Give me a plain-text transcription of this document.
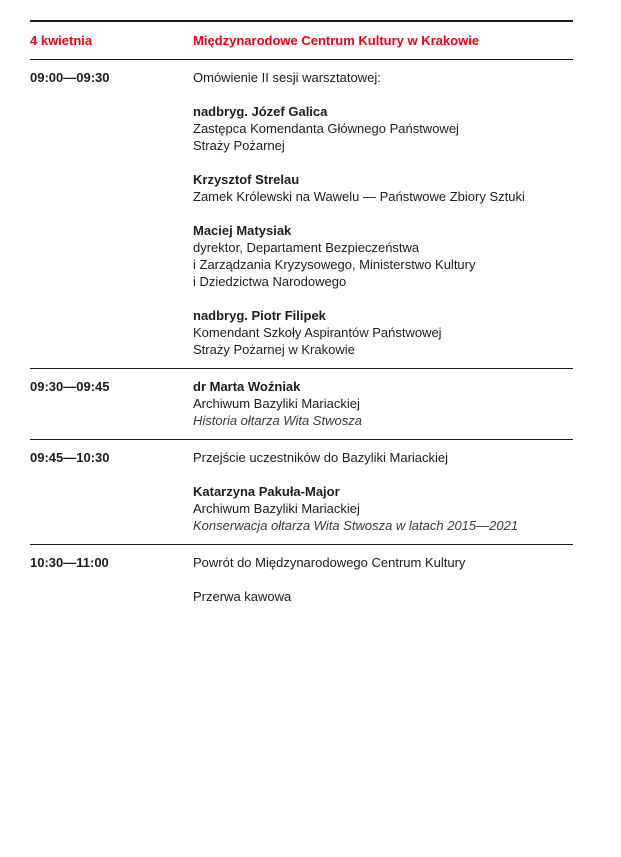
4 kwietnia	Międzynarodowe Centrum Kultury w Krakowie
09:00—09:30	Omówienie II sesji warsztatowej:
nadbryg. Józef Galica
Zastępca Komendanta Głównego Państwowej
Straży Pożarnej
Krzysztof Strelau
Zamek Królewski na Wawelu — Państwowe Zbiory Sztuki
Maciej Matysiak
dyrektor, Departament Bezpieczeństwa
i Zarządzania Kryzysowego, Ministerstwo Kultury
i Dziedzictwa Narodowego
nadbryg. Piotr Filipek
Komendant Szkoły Aspirantów Państwowej
Straży Pożarnej w Krakowie
09:30—09:45	dr Marta Woźniak
Archiwum Bazyliki Mariackiej
Historia ołtarza Wita Stwosza
09:45—10:30	Przejście uczestników do Bazyliki Mariackiej
Katarzyna Pakuła-Major
Archiwum Bazyliki Mariackiej
Konserwacja ołtarza Wita Stwosza w latach 2015—2021
10:30—11:00	Powrót do Międzynarodowego Centrum Kultury
Przerwa kawowa
